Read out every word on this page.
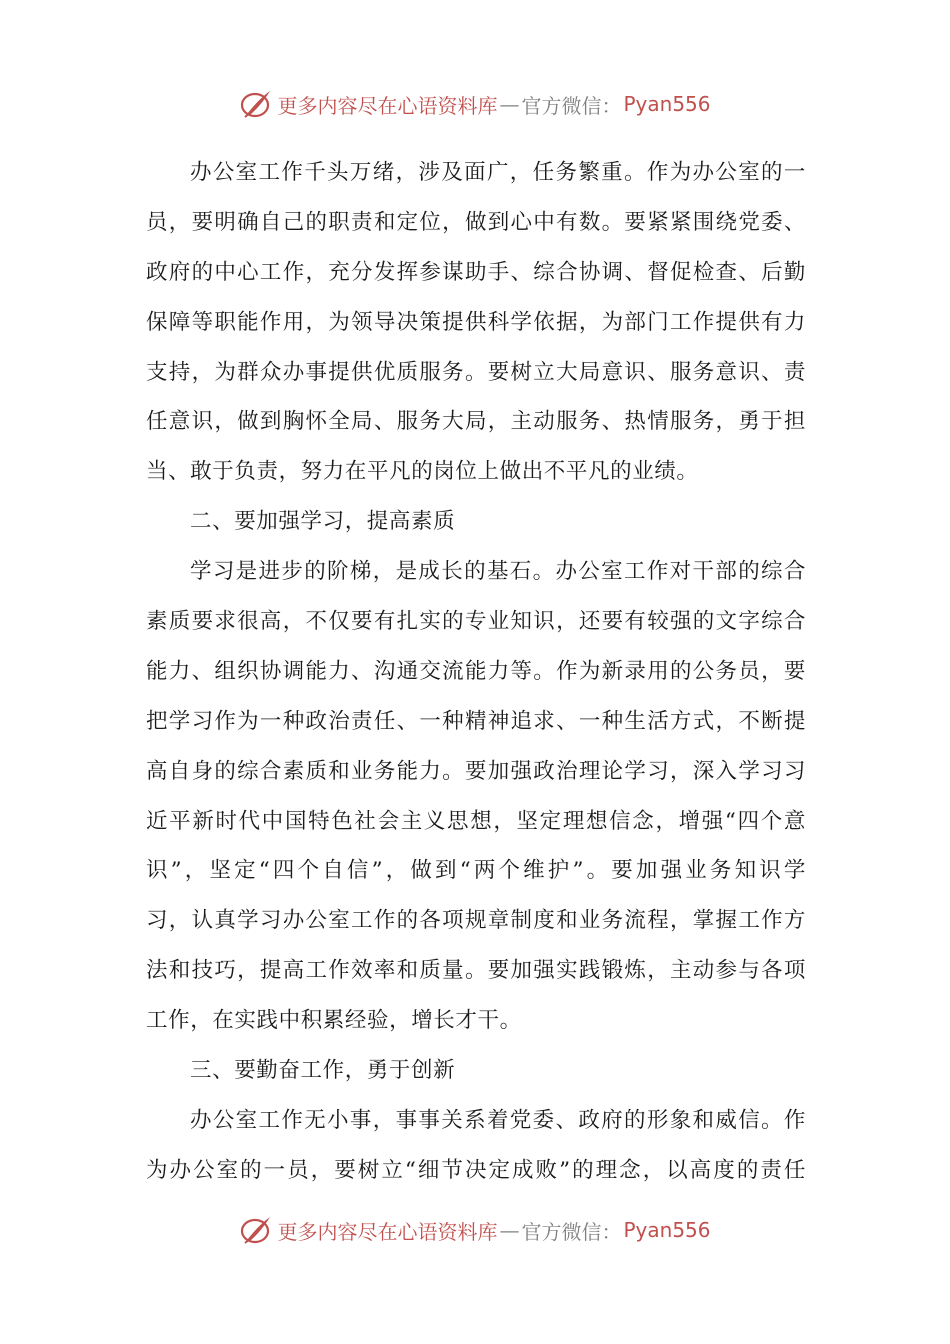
更多内容尽在心语资料库 — 官方微信： Pyan556
办公室工作千头万绪，涉及面广，任务繁重。作为办公室的一
员，要明确自己的职责和定位，做到心中有数。要紧紧围绕党委、
政府的中心工作，充分发挥参谋助手、综合协调、督促检查、后勤
保障等职能作用，为领导决策提供科学依据，为部门工作提供有力
支持，为群众办事提供优质服务。要树立大局意识、服务意识、责
任意识，做到胸怀全局、服务大局，主动服务、热情服务，勇于担
当、敢于负责，努力在平凡的岗位上做出不平凡的业绩。
二、要加强学习，提高素质
学习是进步的阶梯，是成长的基石。办公室工作对干部的综合
素质要求很高，不仅要有扎实的专业知识，还要有较强的文字综合
能力、组织协调能力、沟通交流能力等。作为新录用的公务员，要
把学习作为一种政治责任、一种精神追求、一种生活方式，不断提
高自身的综合素质和业务能力。要加强政治理论学习，深入学习习
近平新时代中国特色社会主义思想，坚定理想信念，增强“四个意
识”，坚定“四个自信”，做到“两个维护”。要加强业务知识学
习，认真学习办公室工作的各项规章制度和业务流程，掌握工作方
法和技巧，提高工作效率和质量。要加强实践锻炼，主动参与各项
工作，在实践中积累经验，增长才干。
三、要勤奋工作，勇于创新
办公室工作无小事，事事关系着党委、政府的形象和威信。作
为办公室的一员，要树立“细节决定成败”的理念，以高度的责任
更多内容尽在心语资料库 — 官方微信： Pyan556
